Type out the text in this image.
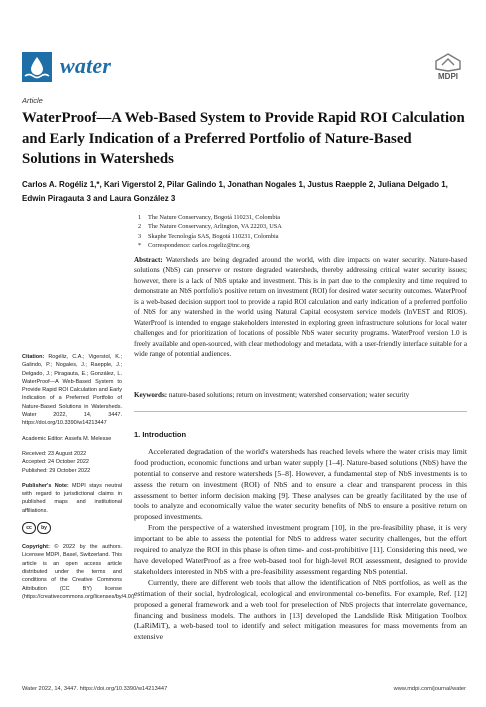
water	MDPI
Article
WaterProof—A Web-Based System to Provide Rapid ROI Calculation and Early Indication of a Preferred Portfolio of Nature-Based Solutions in Watersheds
Carlos A. Rogéliz 1,*, Kari Vigerstol 2, Pilar Galindo 1, Jonathan Nogales 1, Justus Raepple 2, Juliana Delgado 1, Edwin Piragauta 3 and Laura González 3
1	The Nature Conservancy, Bogotá 110231, Colombia
2	The Nature Conservancy, Arlington, VA 22203, USA
3	Skaphe Tecnología SAS, Bogotá 110231, Colombia
*	Correspondence: carlos.rogeliz@tnc.org
Abstract: Watersheds are being degraded around the world, with dire impacts on water security. Nature-based solutions (NbS) can preserve or restore degraded watersheds, thereby addressing critical water security issues; however, there is a lack of NbS uptake and investment. This is in part due to the complexity and time required to demonstrate an NbS portfolio's positive return on investment (ROI) for desired water security outcomes. WaterProof is a web-based decision support tool to provide a rapid ROI calculation and early indication of a preferred portfolio of NbS for any watershed in the world using Natural Capital ecosystem service models (InVEST and RIOS). WaterProof is intended to engage stakeholders interested in exploring green infrastructure solutions for local water challenges and for prioritization of locations of possible NbS water security programs. WaterProof version 1.0 is freely available and open-sourced, with clear methodology and metadata, with a user-friendly interface suitable for a wide range of potential audiences.
Keywords: nature-based solutions; return on investment; watershed conservation; water security

Citation: Rogéliz, C.A.; Vigerstol, K.; Galindo, P.; Nogales, J.; Raepple, J.; Delgado, J.; Piragauta, E.; González, L. WaterProof—A Web-Based System to Provide Rapid ROI Calculation and Early Indication of a Preferred Portfolio of Nature-Based Solutions in Watersheds. Water 2022, 14, 3447. https://doi.org/10.3390/w14213447

Academic Editor: Assefa M. Melesse

Received: 23 August 2022
Accepted: 24 October 2022
Published: 29 October 2022

Publisher's Note: MDPI stays neutral with regard to jurisdictional claims in published maps and institutional affiliations.

cc	by

Copyright: © 2022 by the authors. Licensee MDPI, Basel, Switzerland. This article is an open access article distributed under the terms and conditions of the Creative Commons Attribution (CC BY) license (https://creativecommons.org/licenses/by/4.0/).

1. Introduction

Accelerated degradation of the world's watersheds has reached levels where the water crisis may limit food production, economic functions and urban water supply [1–4]. Nature-based solutions (NbS) have the potential to conserve and restore watersheds [5–8]. However, a fundamental step of NbS investments is to assess the return on investment (ROI) of NbS and to ensure a clear and transparent process in this assessment to better inform decision making [9]. These analyses can be greatly facilitated by the use of tools to analyze and economically value the water security benefits of NbS to ensure a positive return on proposed investments.

From the perspective of a watershed investment program [10], in the pre-feasibility phase, it is very important to be able to assess the potential for NbS to address water security challenges, but the effort required to analyze the ROI in this phase is often time- and cost-prohibitive [11]. Considering this need, we have developed WaterProof as a free web-based tool for high-level ROI assessment, designed to provide stakeholders interested in NbS with a pre-feasibility assessment regarding NbS potential.

Currently, there are different web tools that allow the identification of NbS portfolios, as well as the estimation of their social, hydrological, ecological and environmental co-benefits. For example, Ref. [12] proposed a general framework and a web tool for preselection of NbS projects that interrelate governance, financing and business models. The authors in [13] developed the Landslide Risk Mitigation Toolbox (LaRiMiT), a web-based tool to identify and select mitigation measures for mass movements from an extensive

Water 2022, 14, 3447. https://doi.org/10.3390/w14213447	www.mdpi.com/journal/water
